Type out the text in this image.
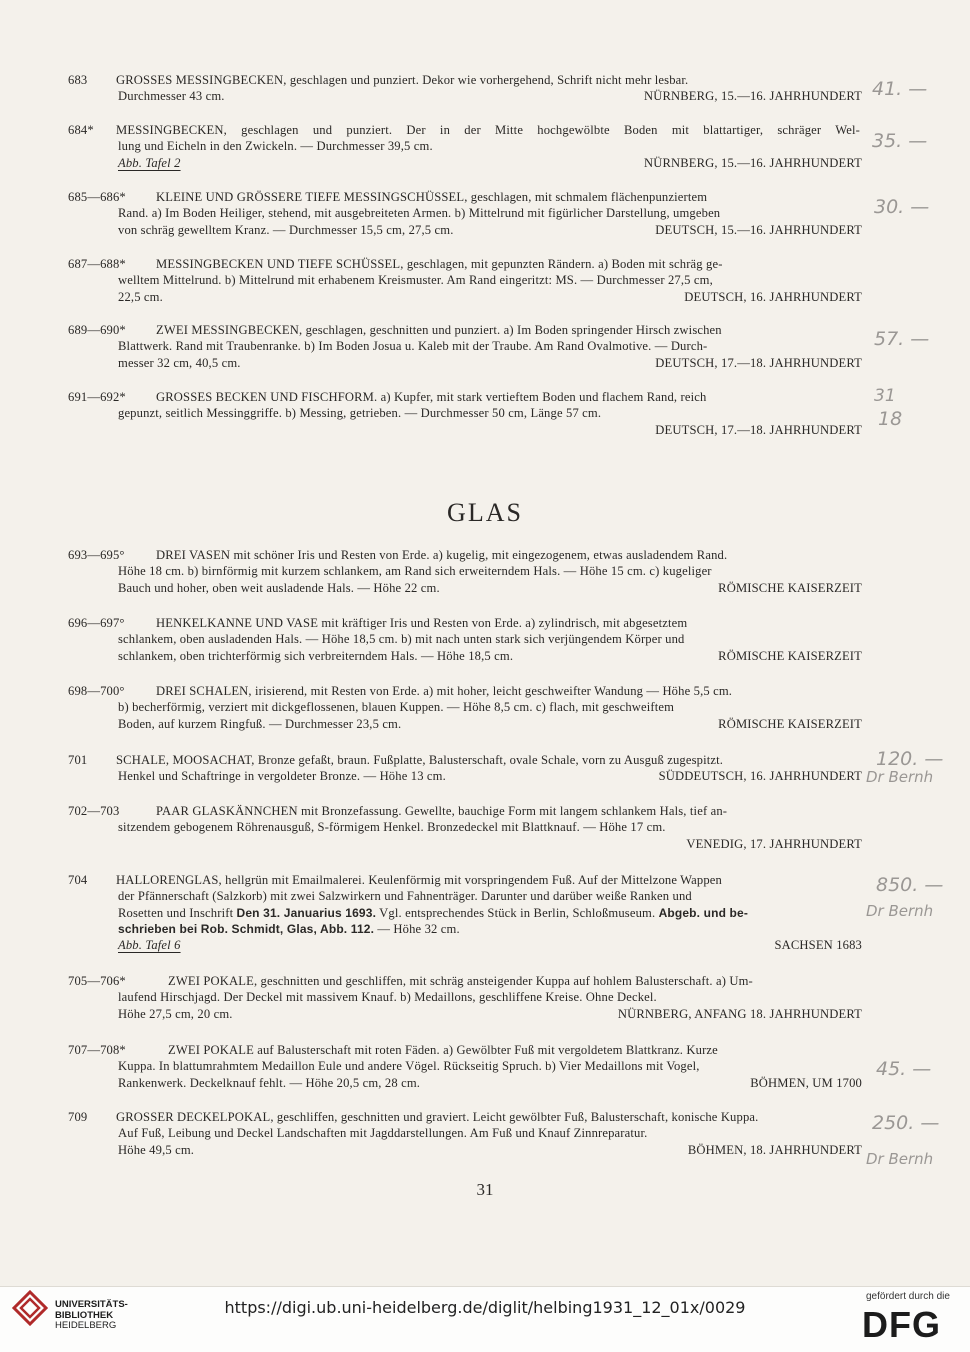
683 GROSSES MESSINGBECKEN, geschlagen und punziert. Dekor wie vorhergehend, Schrift nicht mehr lesbar.
Durchmesser 43 cm.	NÜRNBERG, 15.—16. JAHRHUNDERT
684* MESSINGBECKEN, geschlagen und punziert. Der in der Mitte hochgewölbte Boden mit blattartiger, schräger Wel-
lung und Eicheln in den Zwickeln. — Durchmesser 39,5 cm.
Abb. Tafel 2	NÜRNBERG, 15.—16. JAHRHUNDERT
685—686* KLEINE UND GRÖSSERE TIEFE MESSINGSCHÜSSEL, geschlagen, mit schmalem flächenpunziertem
Rand. a) Im Boden Heiliger, stehend, mit ausgebreiteten Armen. b) Mittelrund mit figürlicher Darstellung, umgeben
von schräg gewelltem Kranz. — Durchmesser 15,5 cm, 27,5 cm.	DEUTSCH, 15.—16. JAHRHUNDERT
687—688* MESSINGBECKEN UND TIEFE SCHÜSSEL, geschlagen, mit gepunzten Rändern. a) Boden mit schräg ge-
welltem Mittelrund. b) Mittelrund mit erhabenem Kreismuster. Am Rand eingeritzt: MS. — Durchmesser 27,5 cm,
22,5 cm.	DEUTSCH, 16. JAHRHUNDERT
689—690* ZWEI MESSINGBECKEN, geschlagen, geschnitten und punziert. a) Im Boden springender Hirsch zwischen
Blattwerk. Rand mit Traubenranke. b) Im Boden Josua u. Kaleb mit der Traube. Am Rand Ovalmotive. — Durch-
messer 32 cm, 40,5 cm.	DEUTSCH, 17.—18. JAHRHUNDERT
691—692* GROSSES BECKEN UND FISCHFORM. a) Kupfer, mit stark vertieftem Boden und flachem Rand, reich
gepunzt, seitlich Messinggriffe. b) Messing, getrieben. — Durchmesser 50 cm, Länge 57 cm.

DEUTSCH, 17.—18. JAHRHUNDERT
GLAS
693—695° DREI VASEN mit schöner Iris und Resten von Erde. a) kugelig, mit eingezogenem, etwas ausladendem Rand.
Höhe 18 cm. b) birnförmig mit kurzem schlankem, am Rand sich erweiterndem Hals. — Höhe 15 cm. c) kugeliger
Bauch und hoher, oben weit ausladende Hals. — Höhe 22 cm.	RÖMISCHE KAISERZEIT
696—697° HENKELKANNE UND VASE mit kräftiger Iris und Resten von Erde. a) zylindrisch, mit abgesetztem
schlankem, oben ausladenden Hals. — Höhe 18,5 cm. b) mit nach unten stark sich verjüngendem Körper und
schlankem, oben trichterförmig sich verbreiterndem Hals. — Höhe 18,5 cm.	RÖMISCHE KAISERZEIT
698—700° DREI SCHALEN, irisierend, mit Resten von Erde. a) mit hoher, leicht geschweifter Wandung — Höhe 5,5 cm.
b) becherförmig, verziert mit dickgeflossenen, blauen Kuppen. — Höhe 8,5 cm. c) flach, mit geschweiftem
Boden, auf kurzem Ringfuß. — Durchmesser 23,5 cm.	RÖMISCHE KAISERZEIT
701 SCHALE, MOOSACHAT, Bronze gefaßt, braun. Fußplatte, Balusterschaft, ovale Schale, vorn zu Ausguß zugespitzt.
Henkel und Schaftringe in vergoldeter Bronze. — Höhe 13 cm.	SÜDDEUTSCH, 16. JAHRHUNDERT
702—703	PAAR GLASKÄNNCHEN mit Bronzefassung. Gewellte, bauchige Form mit langem schlankem Hals, tief an-
sitzendem gebogenem Röhrenausguß, S-förmigem Henkel. Bronzedeckel mit Blattknauf. — Höhe 17 cm.

VENEDIG, 17. JAHRHUNDERT
704 HALLORENGLAS, hellgrün mit Emailmalerei. Keulenförmig mit vorspringendem Fuß. Auf der Mittelzone Wappen
der Pfännerschaft (Salzkorb) mit zwei Salzwirkern und Fahnenträger. Darunter und darüber weiße Ranken und
Rosetten und Inschrift Den 31. Januarius 1693. Vgl. entsprechendes Stück in Berlin, Schloßmuseum. Abgeb. und be-
schrieben bei Rob. Schmidt, Glas, Abb. 112. — Höhe 32 cm.
Abb. Tafel 6	SACHSEN 1683
705—706*	ZWEI POKALE, geschnitten und geschliffen, mit schräg ansteigender Kuppa auf hohlem Balusterschaft. a) Um-
laufend Hirschjagd. Der Deckel mit massivem Knauf. b) Medaillons, geschliffene Kreise. Ohne Deckel.
Höhe 27,5 cm, 20 cm.	NÜRNBERG, ANFANG 18. JAHRHUNDERT
707—708*	ZWEI POKALE auf Balusterschaft mit roten Fäden. a) Gewölbter Fuß mit vergoldetem Blattkranz. Kurze
Kuppa. In blattumrahmtem Medaillon Eule und andere Vögel. Rückseitig Spruch. b) Vier Medaillons mit Vogel,
Rankenwerk. Deckelknauf fehlt. — Höhe 20,5 cm, 28 cm.	BÖHMEN, UM 1700
709 GROSSER DECKELPOKAL, geschliffen, geschnitten und graviert. Leicht gewölbter Fuß, Balusterschaft, konische Kuppa.
Auf Fuß, Leibung und Deckel Landschaften mit Jagddarstellungen. Am Fuß und Knauf Zinnreparatur.
Höhe 49,5 cm.	BÖHMEN, 18. JAHRHUNDERT
41. —
35. —
30. —
57. —
31
18
120. —
Dr Bernh
850. —
Dr Bernh
45. —
250. —
Dr Bernh
31
UNIVERSITÄTS-
BIBLIOTHEK
HEIDELBERG
https://digi.ub.uni-heidelberg.de/diglit/helbing1931_12_01x/0029
gefördert durch die
DFG
